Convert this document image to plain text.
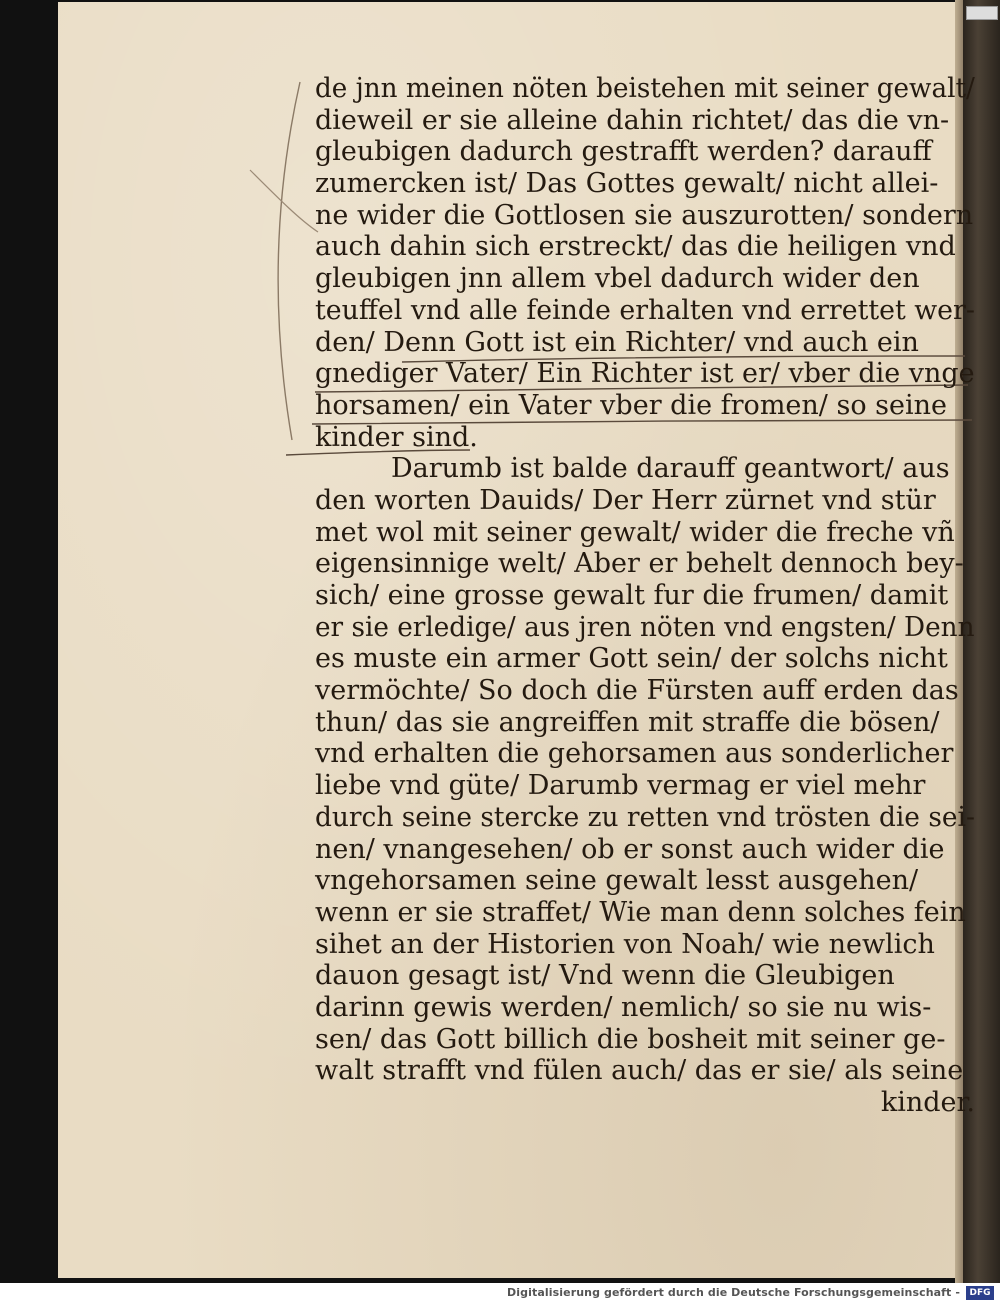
de jnn meinen nöten beistehen mit seiner gewalt/
dieweil er sie alleine dahin richtet/ das die vn-
gleubigen dadurch gestrafft werden? darauff
zumercken ist/ Das Gottes gewalt/ nicht allei-
ne wider die Gottlosen sie auszurotten/ sondern
auch dahin sich erstreckt/ das die heiligen vnd
gleubigen jnn allem vbel dadurch wider den
teuffel vnd alle feinde erhalten vnd errettet wer-
den/ Denn Gott ist ein Richter/ vnd auch ein
gnediger Vater/ Ein Richter ist er/ vber die vnge
horsamen/ ein Vater vber die fromen/ so seine
kinder sind.
Darumb ist balde darauff geantwort/ aus
den worten Dauids/ Der Herr zürnet vnd stür
met wol mit seiner gewalt/ wider die freche vñ
eigensinnige welt/ Aber er behelt dennoch bey-
sich/ eine grosse gewalt fur die frumen/ damit
er sie erledige/ aus jren nöten vnd engsten/ Denn
es muste ein armer Gott sein/ der solchs nicht
vermöchte/ So doch die Fürsten auff erden das
thun/ das sie angreiffen mit straffe die bösen/
vnd erhalten die gehorsamen aus sonderlicher
liebe vnd güte/ Darumb vermag er viel mehr
durch seine stercke zu retten vnd trösten die sei-
nen/ vnangesehen/ ob er sonst auch wider die
vngehorsamen seine gewalt lesst ausgehen/
wenn er sie straffet/ Wie man denn solches fein
sihet an der Historien von Noah/ wie newlich
dauon gesagt ist/ Vnd wenn die Gleubigen
darinn gewis werden/ nemlich/ so sie nu wis-
sen/ das Gott billich die bosheit mit seiner ge-
walt strafft vnd fülen auch/ das er sie/ als seine
kinder.
Digitalisierung gefördert durch die Deutsche Forschungsgemeinschaft -	DFG
